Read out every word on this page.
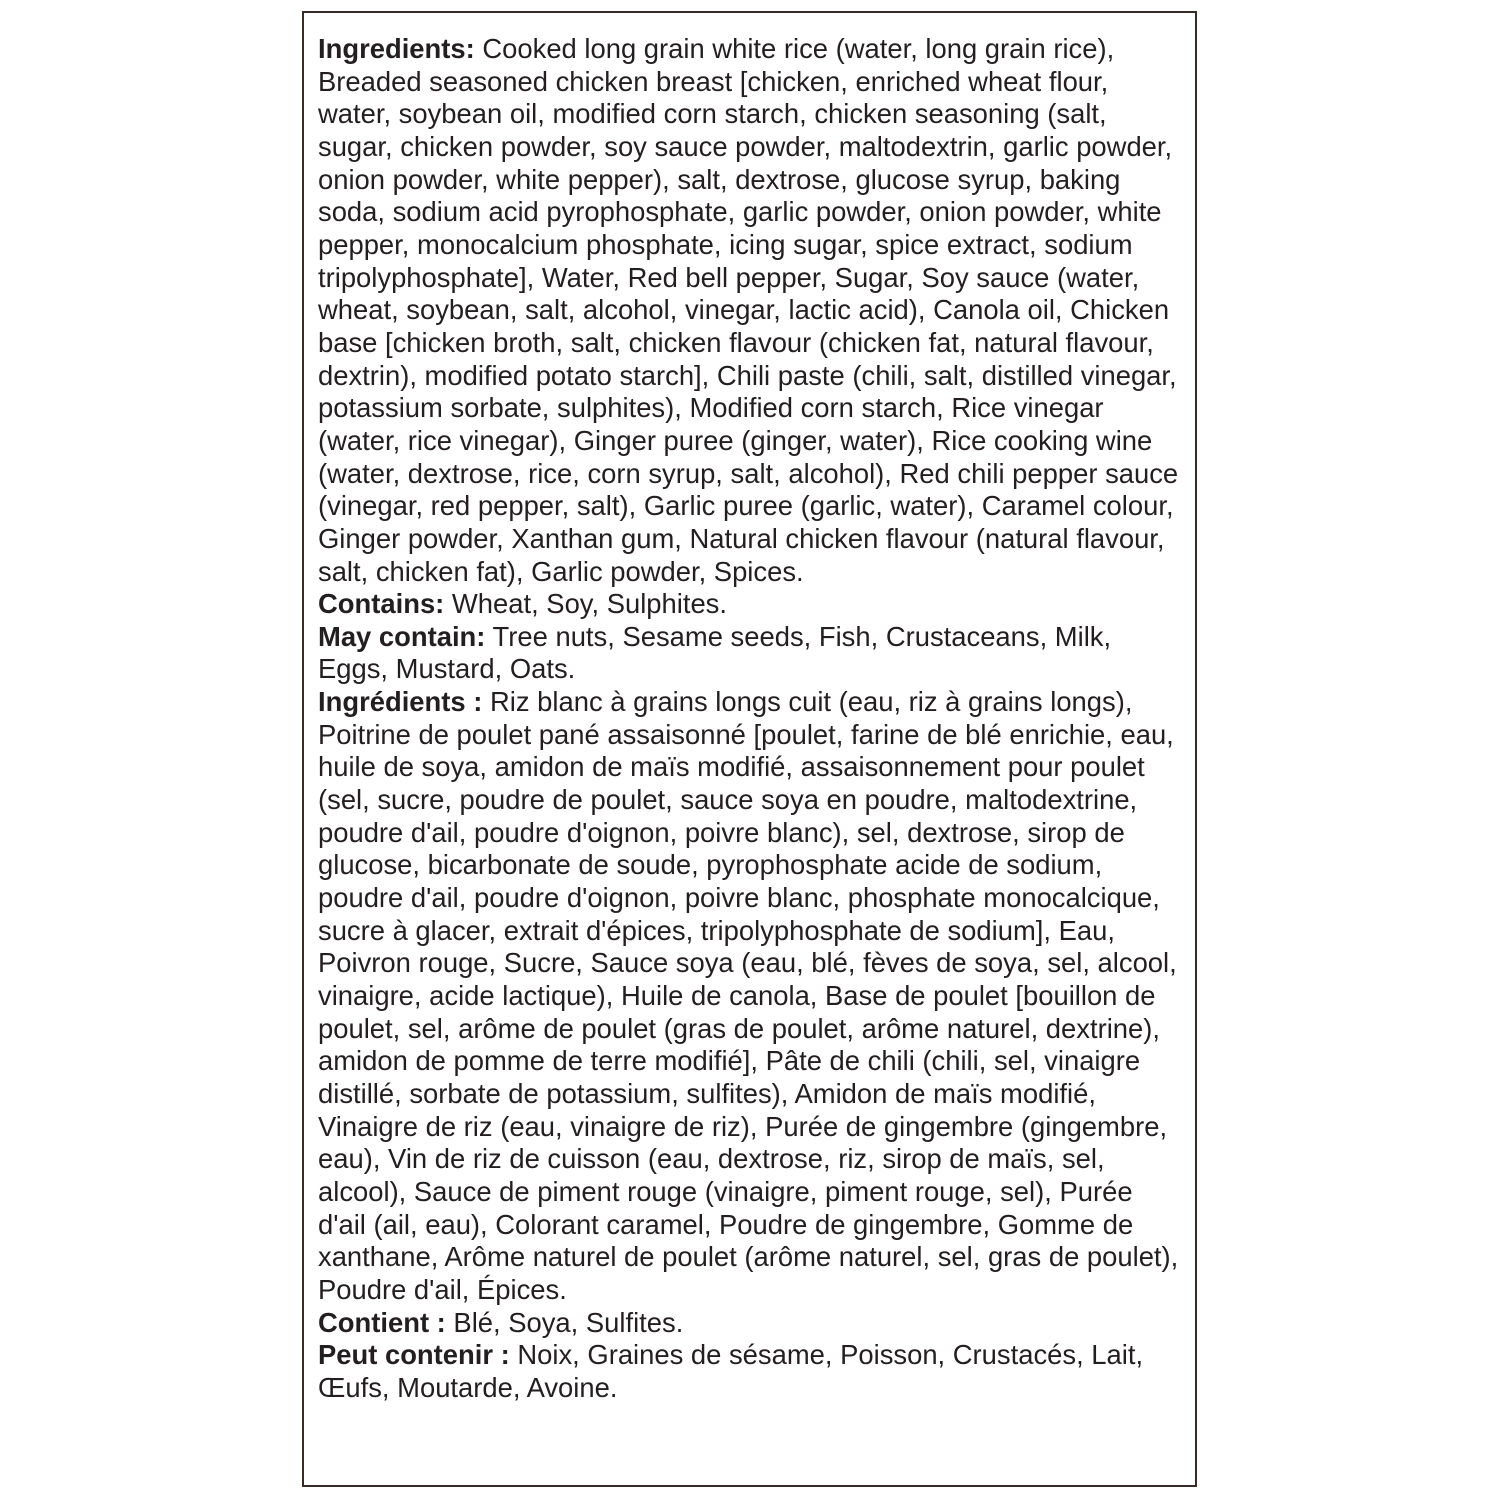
Ingredients: Cooked long grain white rice (water, long grain rice), Breaded seasoned chicken breast [chicken, enriched wheat flour, water, soybean oil, modified corn starch, chicken seasoning (salt, sugar, chicken powder, soy sauce powder, maltodextrin, garlic powder, onion powder, white pepper), salt, dextrose, glucose syrup, baking soda, sodium acid pyrophosphate, garlic powder, onion powder, white pepper, monocalcium phosphate, icing sugar, spice extract, sodium tripolyphosphate], Water, Red bell pepper, Sugar, Soy sauce (water, wheat, soybean, salt, alcohol, vinegar, lactic acid), Canola oil, Chicken base [chicken broth, salt, chicken flavour (chicken fat, natural flavour, dextrin), modified potato starch], Chili paste (chili, salt, distilled vinegar, potassium sorbate, sulphites), Modified corn starch, Rice vinegar (water, rice vinegar), Ginger puree (ginger, water), Rice cooking wine (water, dextrose, rice, corn syrup, salt, alcohol), Red chili pepper sauce (vinegar, red pepper, salt), Garlic puree (garlic, water), Caramel colour, Ginger powder, Xanthan gum, Natural chicken flavour (natural flavour, salt, chicken fat), Garlic powder, Spices.
Contains: Wheat, Soy, Sulphites.
May contain: Tree nuts, Sesame seeds, Fish, Crustaceans, Milk, Eggs, Mustard, Oats.
Ingrédients : Riz blanc à grains longs cuit (eau, riz à grains longs), Poitrine de poulet pané assaisonné [poulet, farine de blé enrichie, eau, huile de soya, amidon de maïs modifié, assaisonnement pour poulet (sel, sucre, poudre de poulet, sauce soya en poudre, maltodextrine, poudre d'ail, poudre d'oignon, poivre blanc), sel, dextrose, sirop de glucose, bicarbonate de soude, pyrophosphate acide de sodium, poudre d'ail, poudre d'oignon, poivre blanc, phosphate monocalcique, sucre à glacer, extrait d'épices, tripolyphosphate de sodium], Eau, Poivron rouge, Sucre, Sauce soya (eau, blé, fèves de soya, sel, alcool, vinaigre, acide lactique), Huile de canola, Base de poulet [bouillon de poulet, sel, arôme de poulet (gras de poulet, arôme naturel, dextrine), amidon de pomme de terre modifié], Pâte de chili (chili, sel, vinaigre distillé, sorbate de potassium, sulfites), Amidon de maïs modifié, Vinaigre de riz (eau, vinaigre de riz), Purée de gingembre (gingembre, eau), Vin de riz de cuisson (eau, dextrose, riz, sirop de maïs, sel, alcool), Sauce de piment rouge (vinaigre, piment rouge, sel), Purée d'ail (ail, eau), Colorant caramel, Poudre de gingembre, Gomme de xanthane, Arôme naturel de poulet (arôme naturel, sel, gras de poulet), Poudre d'ail, Épices.
Contient : Blé, Soya, Sulfites.
Peut contenir : Noix, Graines de sésame, Poisson, Crustacés, Lait, Œufs, Moutarde, Avoine.
